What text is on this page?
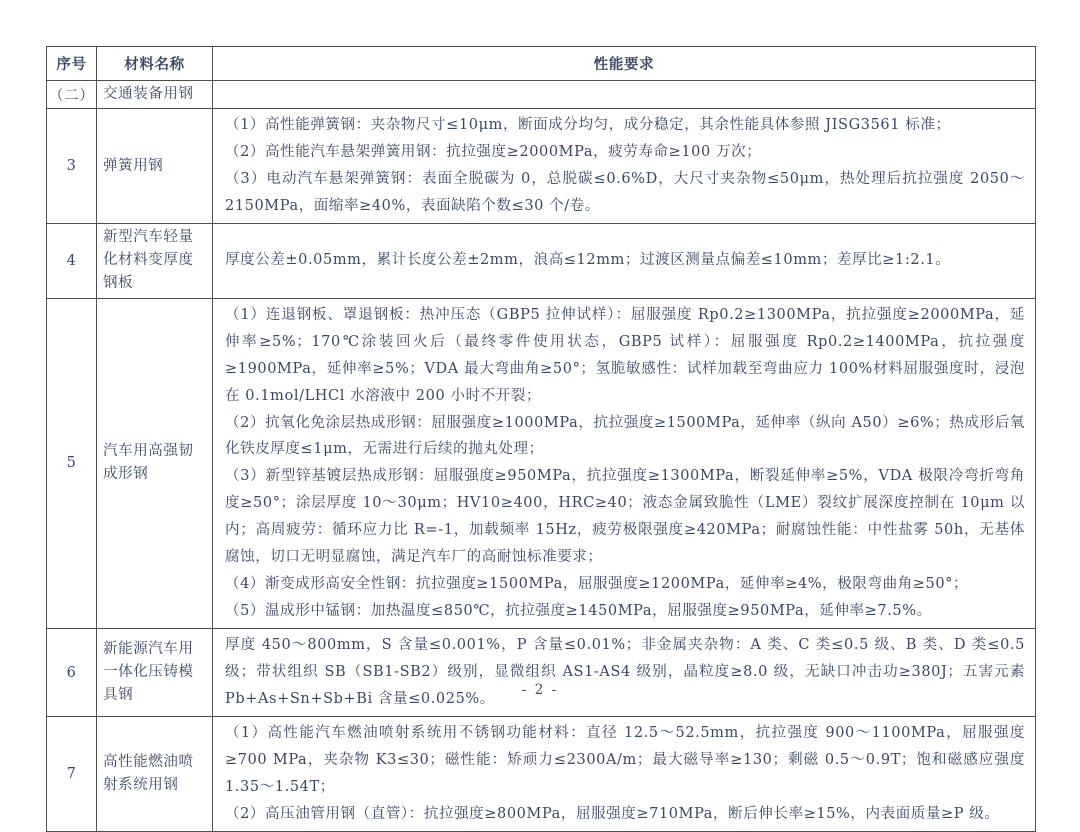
序号	材料名称	性能要求
（二）	交通装备用钢	
3	弹簧用钢	（1）高性能弹簧钢：夹杂物尺寸≤10μm，断面成分均匀，成分稳定，其余性能具体参照 JISG3561 标准；

（2）高性能汽车悬架弹簧用钢：抗拉强度≥2000MPa，疲劳寿命≥100 万次；

（3）电动汽车悬架弹簧钢：表面全脱碳为 0，总脱碳≤0.6%D，大尺寸夹杂物≤50μm，热处理后抗拉强度 2050～2150MPa，面缩率≥40%，表面缺陷个数≤30 个/卷。

4	新型汽车轻量化材料变厚度钢板	厚度公差±0.05mm，累计长度公差±2mm，浪高≤12mm；过渡区测量点偏差≤10mm；差厚比≥1:2.1。

5	汽车用高强韧成形钢	（1）连退钢板、罩退钢板：热冲压态（GBP5 拉伸试样）：屈服强度 Rp0.2≥1300MPa，抗拉强度≥2000MPa，延伸率≥5%；170℃涂装回火后（最终零件使用状态，GBP5 试样）：屈服强度 Rp0.2≥1400MPa，抗拉强度≥1900MPa，延伸率≥5%；VDA 最大弯曲角≥50°；氢脆敏感性：试样加载至弯曲应力 100%材料屈服强度时，浸泡在 0.1mol/LHCl 水溶液中 200 小时不开裂；

（2）抗氧化免涂层热成形钢：屈服强度≥1000MPa，抗拉强度≥1500MPa，延伸率（纵向 A50）≥6%；热成形后氧化铁皮厚度≤1μm，无需进行后续的抛丸处理；

（3）新型锌基镀层热成形钢：屈服强度≥950MPa，抗拉强度≥1300MPa，断裂延伸率≥5%，VDA 极限冷弯折弯角度≥50°；涂层厚度 10～30μm；HV10≥400，HRC≥40；液态金属致脆性（LME）裂纹扩展深度控制在 10μm 以内；高周疲劳：循环应力比 R=-1，加载频率 15Hz，疲劳极限强度≥420MPa；耐腐蚀性能：中性盐雾 50h，无基体腐蚀，切口无明显腐蚀，满足汽车厂的高耐蚀标准要求；

（4）渐变成形高安全性钢：抗拉强度≥1500MPa，屈服强度≥1200MPa，延伸率≥4%，极限弯曲角≥50°；

（5）温成形中锰钢：加热温度≤850℃，抗拉强度≥1450MPa，屈服强度≥950MPa，延伸率≥7.5%。

6	新能源汽车用一体化压铸模具钢	厚度 450～800mm，S 含量≤0.001%，P 含量≤0.01%；非金属夹杂物：A 类、C 类≤0.5 级、B 类、D 类≤0.5 级；带状组织 SB（SB1-SB2）级别，显微组织 AS1-AS4 级别，晶粒度≥8.0 级，无缺口冲击功≥380J；五害元素 Pb+As+Sn+Sb+Bi 含量≤0.025%。

7	高性能燃油喷射系统用钢	（1）高性能汽车燃油喷射系统用不锈钢功能材料：直径 12.5～52.5mm，抗拉强度 900～1100MPa，屈服强度≥700 MPa，夹杂物 K3≤30；磁性能：矫顽力≤2300A/m；最大磁导率≥130；剩磁 0.5～0.9T；饱和磁感应强度 1.35～1.54T；

（2）高压油管用钢（直管）：抗拉强度≥800MPa，屈服强度≥710MPa，断后伸长率≥15%，内表面质量≥P 级。

- 2 -
